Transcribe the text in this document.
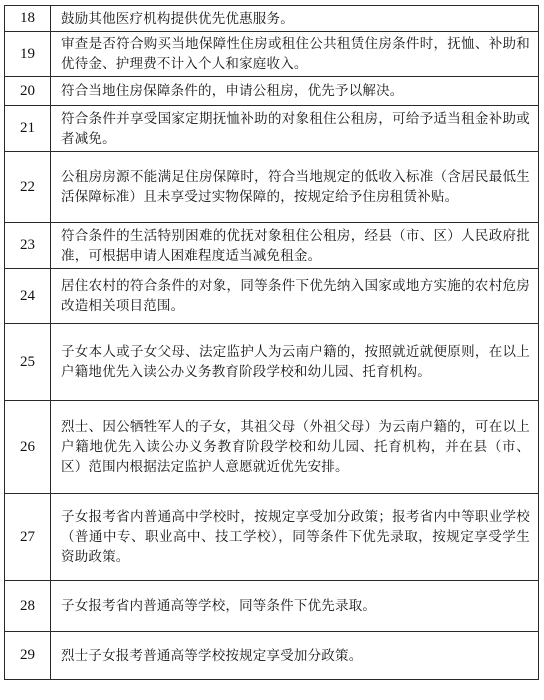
18	鼓励其他医疗机构提供优先优惠服务。
19	审查是否符合购买当地保障性住房或租住公共租赁住房条件时，抚恤、补助和优待金、护理费不计入个人和家庭收入。
20	符合当地住房保障条件的，申请公租房，优先予以解决。
21	符合条件并享受国家定期抚恤补助的对象租住公租房，可给予适当租金补助或者减免。
22	公租房房源不能满足住房保障时，符合当地规定的低收入标准（含居民最低生活保障标准）且未享受过实物保障的，按规定给予住房租赁补贴。
23	符合条件的生活特别困难的优抚对象租住公租房，经县（市、区）人民政府批准，可根据申请人困难程度适当减免租金。
24	居住农村的符合条件的对象，同等条件下优先纳入国家或地方实施的农村危房改造相关项目范围。
25	子女本人或子女父母、法定监护人为云南户籍的，按照就近就便原则，在以上户籍地优先入读公办义务教育阶段学校和幼儿园、托育机构。
26	烈士、因公牺牲军人的子女，其祖父母（外祖父母）为云南户籍的，可在以上户籍地优先入读公办义务教育阶段学校和幼儿园、托育机构，并在县（市、区）范围内根据法定监护人意愿就近优先安排。
27	子女报考省内普通高中学校时，按规定享受加分政策；报考省内中等职业学校（普通中专、职业高中、技工学校），同等条件下优先录取，按规定享受学生资助政策。
28	子女报考省内普通高等学校，同等条件下优先录取。
29	烈士子女报考普通高等学校按规定享受加分政策。
